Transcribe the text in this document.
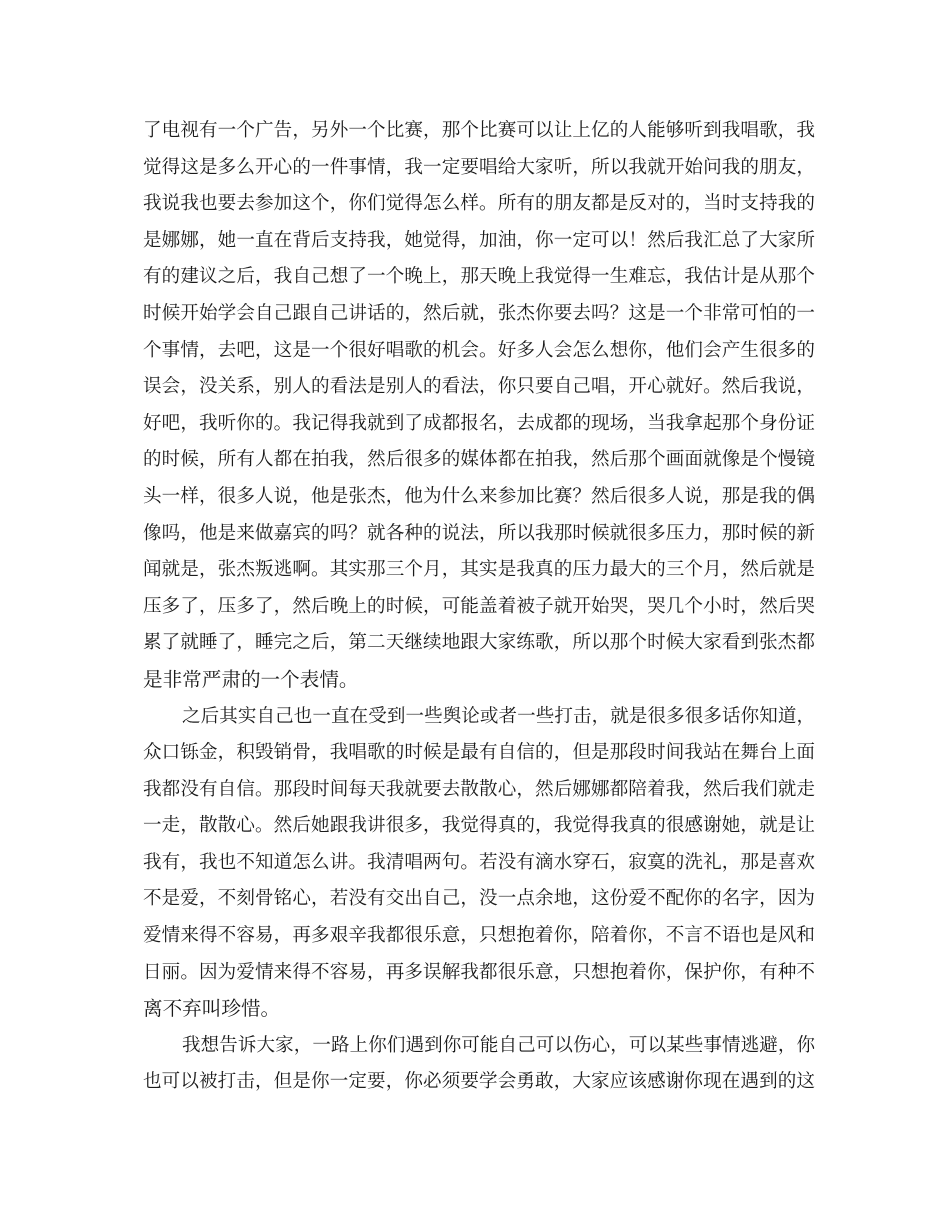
了电视有一个广告，另外一个比赛，那个比赛可以让上亿的人能够听到我唱歌，我
觉得这是多么开心的一件事情，我一定要唱给大家听，所以我就开始问我的朋友，
我说我也要去参加这个，你们觉得怎么样。所有的朋友都是反对的，当时支持我的
是娜娜，她一直在背后支持我，她觉得，加油，你一定可以！然后我汇总了大家所
有的建议之后，我自己想了一个晚上，那天晚上我觉得一生难忘，我估计是从那个
时候开始学会自己跟自己讲话的，然后就，张杰你要去吗？这是一个非常可怕的一
个事情，去吧，这是一个很好唱歌的机会。好多人会怎么想你，他们会产生很多的
误会，没关系，别人的看法是别人的看法，你只要自己唱，开心就好。然后我说，
好吧，我听你的。我记得我就到了成都报名，去成都的现场，当我拿起那个身份证
的时候，所有人都在拍我，然后很多的媒体都在拍我，然后那个画面就像是个慢镜
头一样，很多人说，他是张杰，他为什么来参加比赛？然后很多人说，那是我的偶
像吗，他是来做嘉宾的吗？就各种的说法，所以我那时候就很多压力，那时候的新
闻就是，张杰叛逃啊。其实那三个月，其实是我真的压力最大的三个月，然后就是
压多了，压多了，然后晚上的时候，可能盖着被子就开始哭，哭几个小时，然后哭
累了就睡了，睡完之后，第二天继续地跟大家练歌，所以那个时候大家看到张杰都
是非常严肃的一个表情。

之后其实自己也一直在受到一些舆论或者一些打击，就是很多很多话你知道，
众口铄金，积毁销骨，我唱歌的时候是最有自信的，但是那段时间我站在舞台上面
我都没有自信。那段时间每天我就要去散散心，然后娜娜都陪着我，然后我们就走
一走，散散心。然后她跟我讲很多，我觉得真的，我觉得我真的很感谢她，就是让
我有，我也不知道怎么讲。我清唱两句。若没有滴水穿石，寂寞的洗礼，那是喜欢
不是爱，不刻骨铭心，若没有交出自己，没一点余地，这份爱不配你的名字，因为
爱情来得不容易，再多艰辛我都很乐意，只想抱着你，陪着你，不言不语也是风和
日丽。因为爱情来得不容易，再多误解我都很乐意，只想抱着你，保护你，有种不
离不弃叫珍惜。

我想告诉大家，一路上你们遇到你可能自己可以伤心，可以某些事情逃避，你
也可以被打击，但是你一定要，你必须要学会勇敢，大家应该感谢你现在遇到的这
